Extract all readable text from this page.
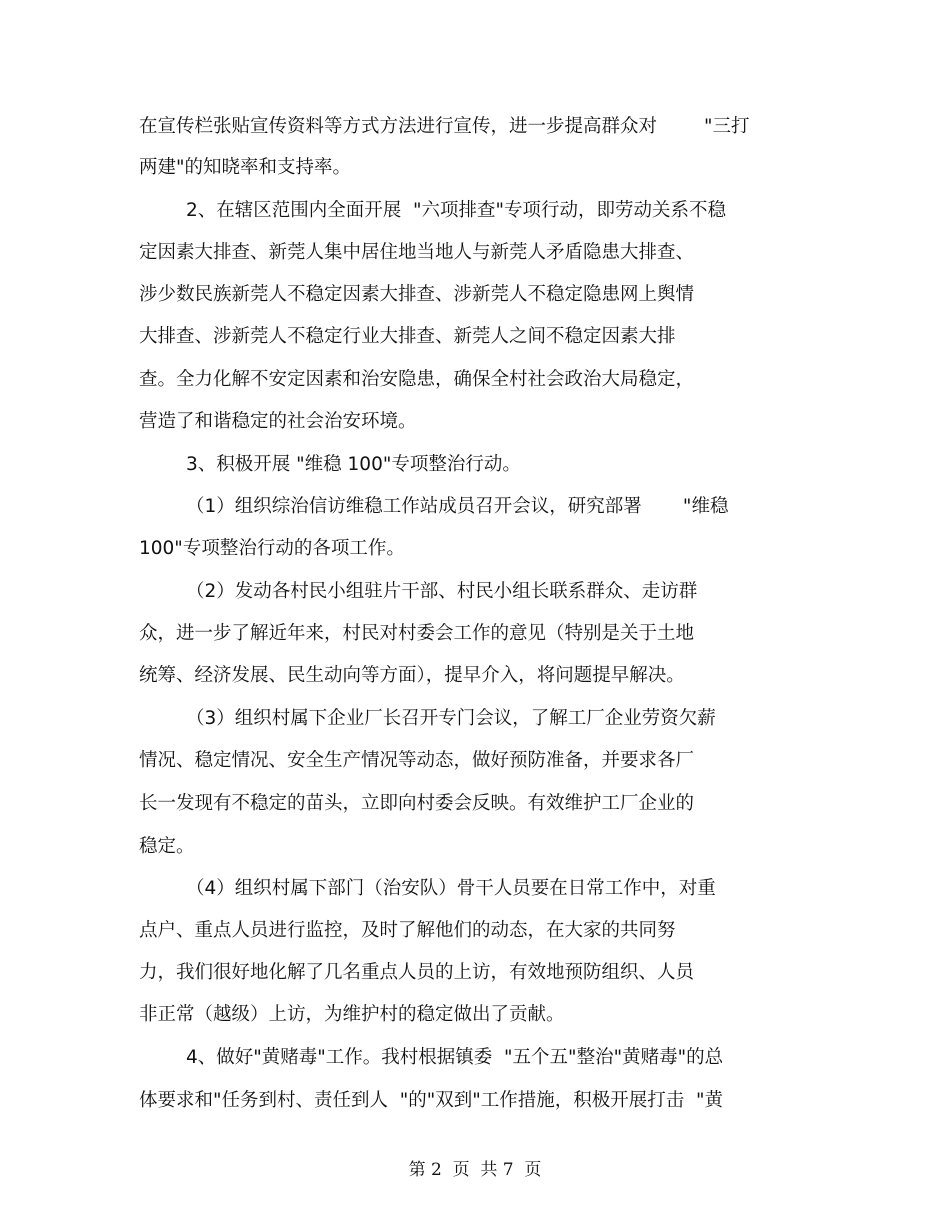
在宣传栏张贴宣传资料等方式方法进行宣传，进一步提高群众对        "三打
两建"的知晓率和支持率。
2、在辖区范围内全面开展  "六项排查"专项行动，即劳动关系不稳
定因素大排查、新莞人集中居住地当地人与新莞人矛盾隐患大排查、
涉少数民族新莞人不稳定因素大排查、涉新莞人不稳定隐患网上舆情
大排查、涉新莞人不稳定行业大排查、新莞人之间不稳定因素大排
查。全力化解不安定因素和治安隐患，确保全村社会政治大局稳定，
营造了和谐稳定的社会治安环境。
3、积极开展 "维稳 100"专项整治行动。
（1）组织综治信访维稳工作站成员召开会议，研究部署       "维稳
100"专项整治行动的各项工作。
（2）发动各村民小组驻片干部、村民小组长联系群众、走访群
众，进一步了解近年来，村民对村委会工作的意见（特别是关于土地
统筹、经济发展、民生动向等方面），提早介入，将问题提早解决。
（3）组织村属下企业厂长召开专门会议，了解工厂企业劳资欠薪
情况、稳定情况、安全生产情况等动态，做好预防准备，并要求各厂
长一发现有不稳定的苗头，立即向村委会反映。有效维护工厂企业的
稳定。
（4）组织村属下部门（治安队）骨干人员要在日常工作中，对重
点户、重点人员进行监控，及时了解他们的动态，在大家的共同努
力，我们很好地化解了几名重点人员的上访，有效地预防组织、人员
非正常（越级）上访，为维护村的稳定做出了贡献。
4、做好"黄赌毒"工作。我村根据镇委  "五个五"整治"黄赌毒"的总
体要求和"任务到村、责任到人  "的"双到"工作措施，积极开展打击  "黄
第 2  页  共 7  页
